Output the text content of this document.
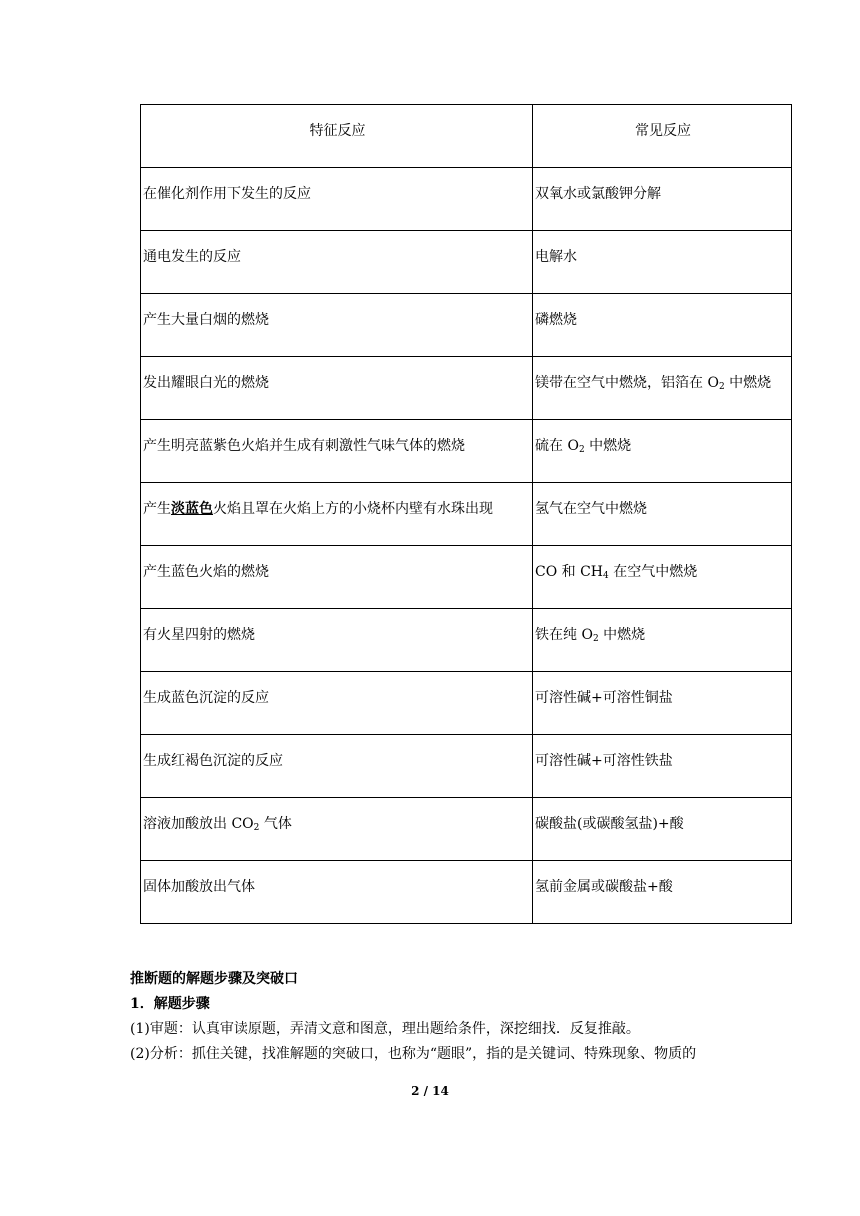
特征反应	常见反应
在催化剂作用下发生的反应	双氧水或氯酸钾分解
通电发生的反应	电解水
产生大量白烟的燃烧	磷燃烧
发出耀眼白光的燃烧	镁带在空气中燃烧，铝箔在 $O_2$ 中燃烧
产生明亮蓝紫色火焰并生成有刺激性气味气体的燃烧	硫在 $O_2$ 中燃烧
产生淡蓝色火焰且罩在火焰上方的小烧杯内壁有水珠出现	氢气在空气中燃烧
产生蓝色火焰的燃烧	CO 和 $CH_4$ 在空气中燃烧
有火星四射的燃烧	铁在纯 $O_2$ 中燃烧
生成蓝色沉淀的反应	可溶性碱+可溶性铜盐
生成红褐色沉淀的反应	可溶性碱+可溶性铁盐
溶液加酸放出 $CO_2$ 气体	碳酸盐(或碳酸氢盐)+酸
固体加酸放出气体	氢前金属或碳酸盐+酸
推断题的解题步骤及突破口
1．解题步骤
(1)审题：认真审读原题，弄清文意和图意，理出题给条件，深挖细找．反复推敲。
(2)分析：抓住关键，找准解题的突破口，也称为“题眼”，指的是关键词、特殊现象、物质的
2 / 14
